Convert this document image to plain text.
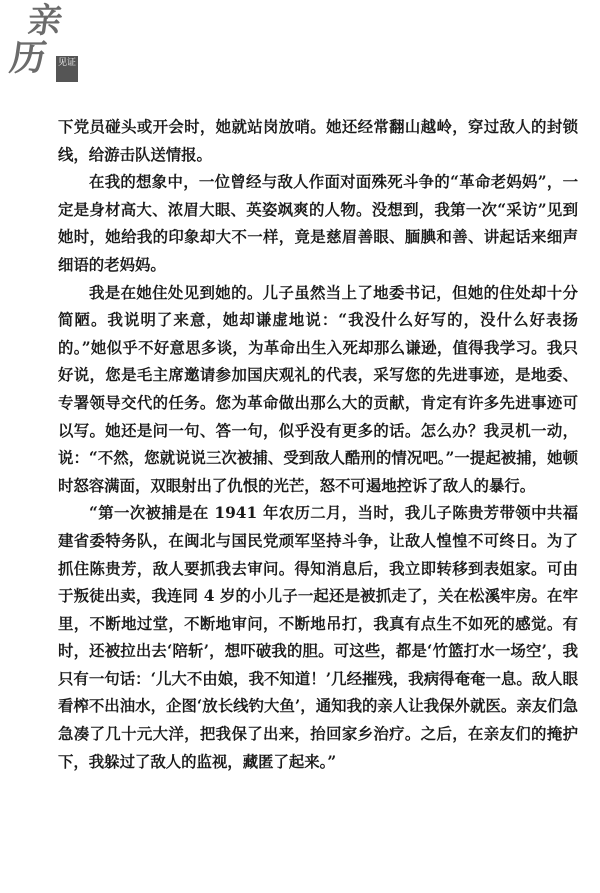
亲
历 见证

下党员碰头或开会时，她就站岗放哨。她还经常翻山越岭，穿过敌人的封锁线，给游击队送情报。

在我的想象中，一位曾经与敌人作面对面殊死斗争的“革命老妈妈”，一定是身材高大、浓眉大眼、英姿飒爽的人物。没想到，我第一次“采访”见到她时，她给我的印象却大不一样，竟是慈眉善眼、腼腆和善、讲起话来细声细语的老妈妈。

我是在她住处见到她的。儿子虽然当上了地委书记，但她的住处却十分简陋。我说明了来意，她却谦虚地说：“我没什么好写的，没什么好表扬的。”她似乎不好意思多谈，为革命出生入死却那么谦逊，值得我学习。我只好说，您是毛主席邀请参加国庆观礼的代表，采写您的先进事迹，是地委、专署领导交代的任务。您为革命做出那么大的贡献，肯定有许多先进事迹可以写。她还是问一句、答一句，似乎没有更多的话。怎么办？我灵机一动，说：“不然，您就说说三次被捕、受到敌人酷刑的情况吧。”一提起被捕，她顿时怒容满面，双眼射出了仇恨的光芒，怒不可遏地控诉了敌人的暴行。

“第一次被捕是在 1941 年农历二月，当时，我儿子陈贵芳带领中共福建省委特务队，在闽北与国民党顽军坚持斗争，让敌人惶惶不可终日。为了抓住陈贵芳，敌人要抓我去审问。得知消息后，我立即转移到表姐家。可由于叛徒出卖，我连同 4 岁的小儿子一起还是被抓走了，关在松溪牢房。在牢里，不断地过堂，不断地审问，不断地吊打，我真有点生不如死的感觉。有时，还被拉出去‘陪斩’，想吓破我的胆。可这些，都是‘竹篮打水一场空’，我只有一句话：‘儿大不由娘，我不知道！’几经摧残，我病得奄奄一息。敌人眼看榨不出油水，企图‘放长线钓大鱼’，通知我的亲人让我保外就医。亲友们急急凑了几十元大洋，把我保了出来，抬回家乡治疗。之后，在亲友们的掩护下，我躲过了敌人的监视，藏匿了起来。”
